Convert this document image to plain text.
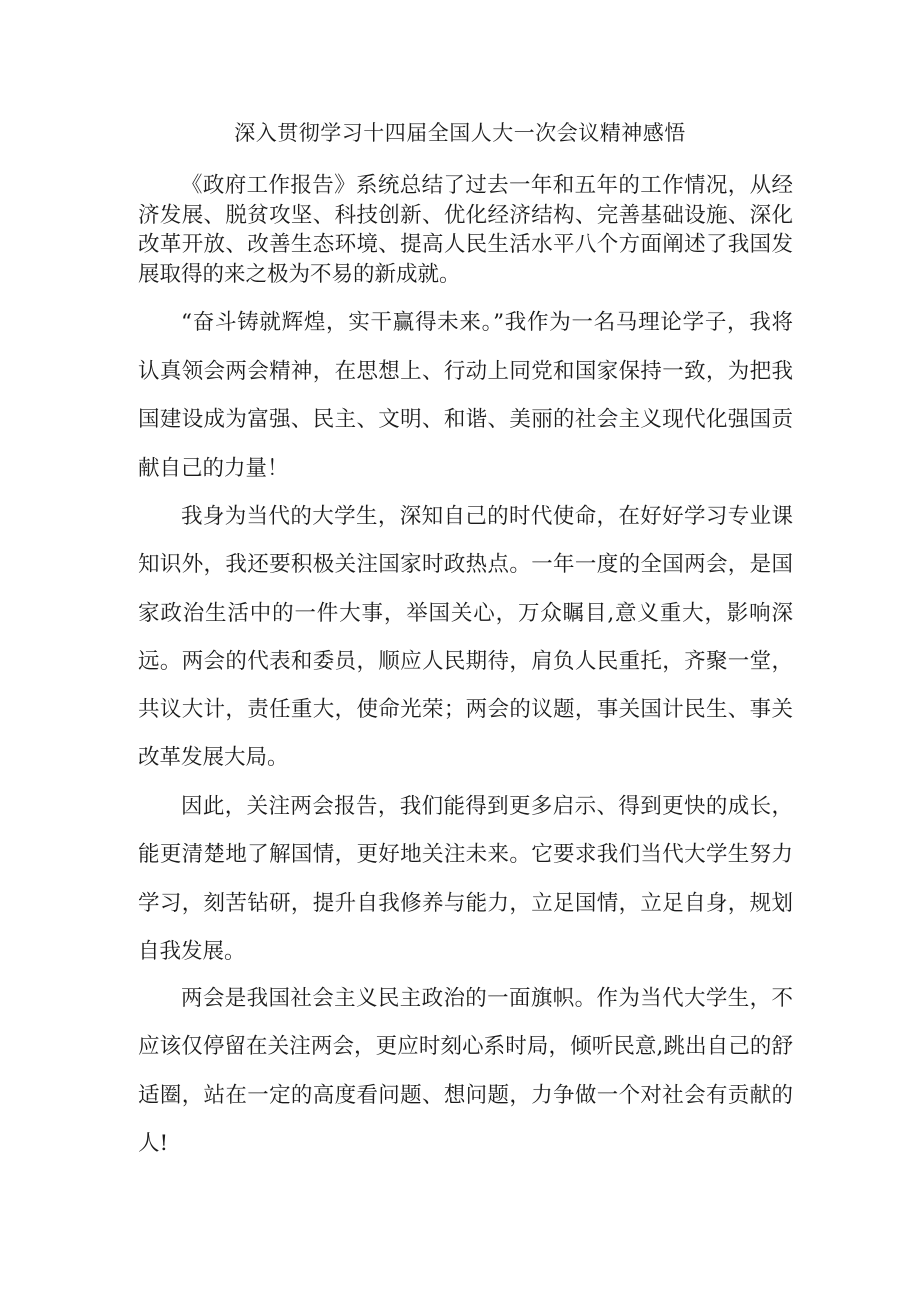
深入贯彻学习十四届全国人大一次会议精神感悟

《政府工作报告》系统总结了过去一年和五年的工作情况，从经济发展、脱贫攻坚、科技创新、优化经济结构、完善基础设施、深化改革开放、改善生态环境、提高人民生活水平八个方面阐述了我国发展取得的来之极为不易的新成就。

“奋斗铸就辉煌，实干赢得未来。”我作为一名马理论学子，我将认真领会两会精神，在思想上、行动上同党和国家保持一致，为把我国建设成为富强、民主、文明、和谐、美丽的社会主义现代化强国贡献自己的力量！

我身为当代的大学生，深知自己的时代使命，在好好学习专业课知识外，我还要积极关注国家时政热点。一年一度的全国两会，是国家政治生活中的一件大事，举国关心，万众瞩目,意义重大，影响深远。两会的代表和委员，顺应人民期待，肩负人民重托，齐聚一堂，共议大计，责任重大，使命光荣；两会的议题，事关国计民生、事关改革发展大局。

因此，关注两会报告，我们能得到更多启示、得到更快的成长，能更清楚地了解国情，更好地关注未来。它要求我们当代大学生努力学习，刻苦钻研，提升自我修养与能力，立足国情，立足自身，规划自我发展。

两会是我国社会主义民主政治的一面旗帜。作为当代大学生，不应该仅停留在关注两会，更应时刻心系时局，倾听民意,跳出自己的舒适圈，站在一定的高度看问题、想问题，力争做一个对社会有贡献的人!
